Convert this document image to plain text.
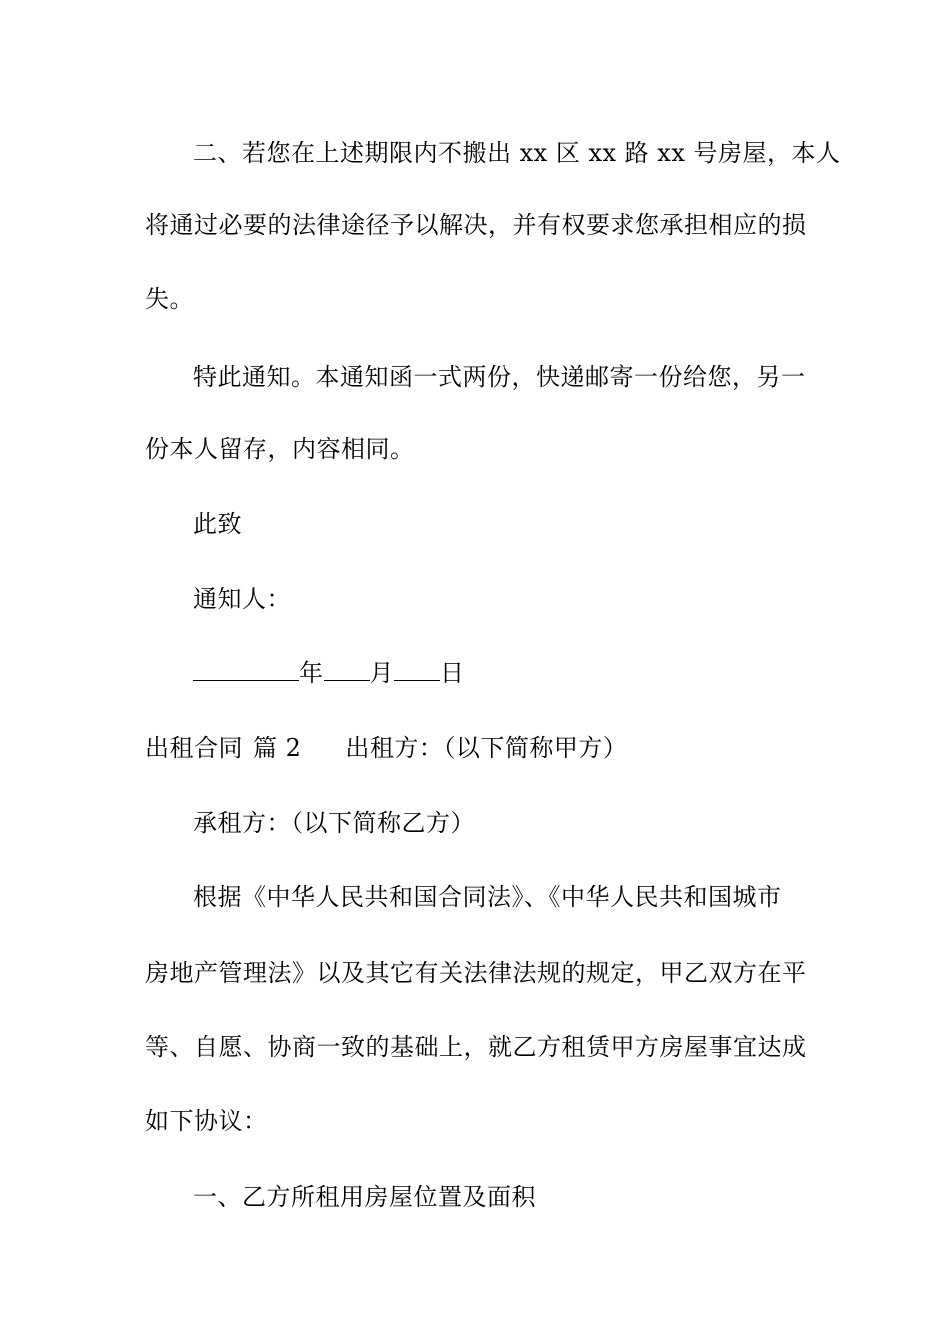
二、若您在上述期限内不搬出 xx 区 xx 路 xx 号房屋，本人
将通过必要的法律途径予以解决，并有权要求您承担相应的损
失。
特此通知。本通知函一式两份，快递邮寄一份给您，另一
份本人留存，内容相同。
此致
通知人：
年 月 日
出租合同 篇 2 出租方：（以下简称甲方）
承租方：（以下简称乙方）
根据《中华人民共和国合同法》、《中华人民共和国城市
房地产管理法》以及其它有关法律法规的规定，甲乙双方在平
等、自愿、协商一致的基础上，就乙方租赁甲方房屋事宜达成
如下协议：
一、乙方所租用房屋位置及面积
